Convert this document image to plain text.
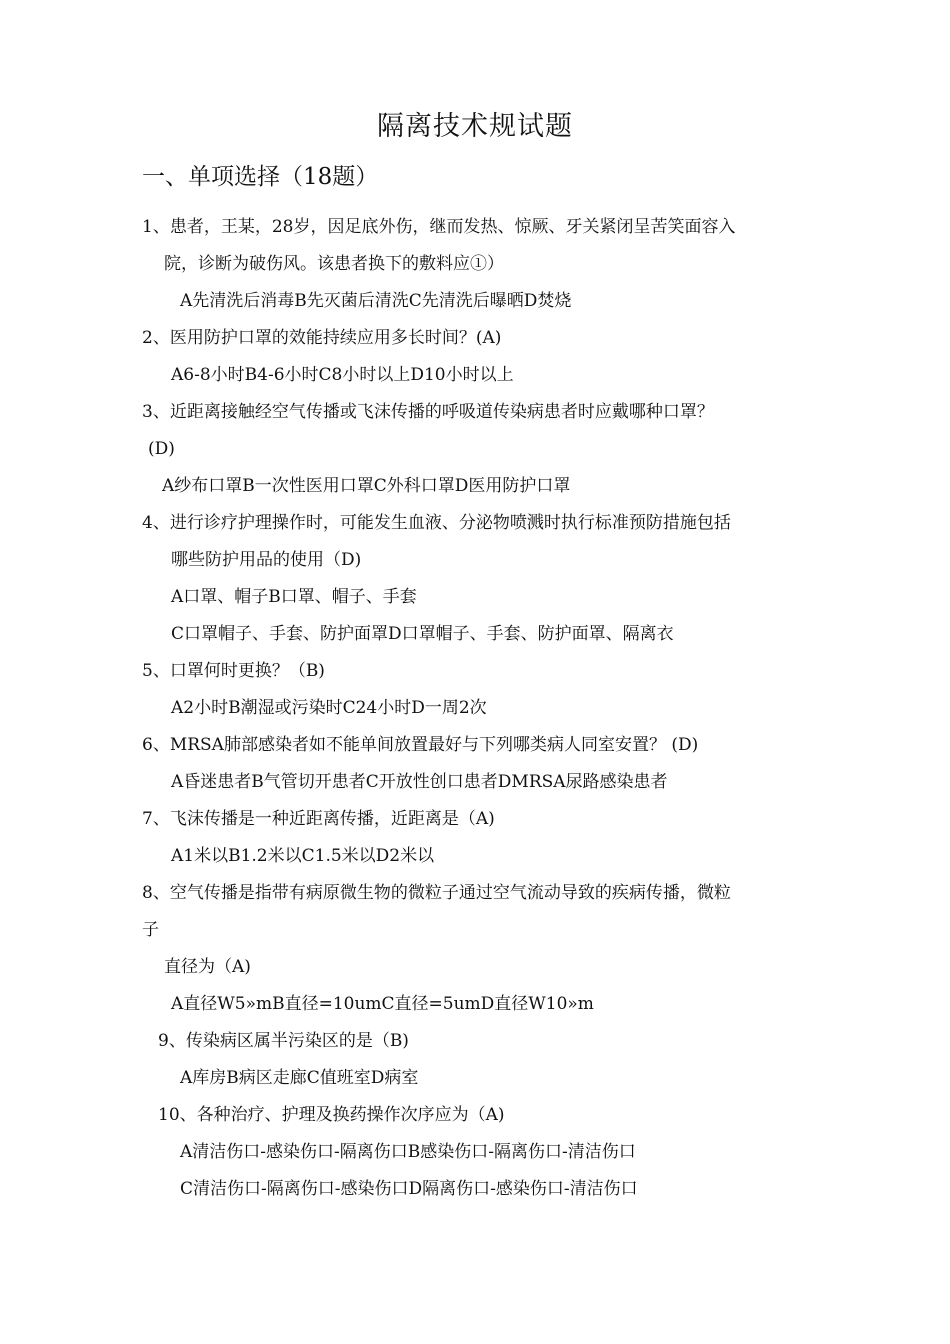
隔离技术规试题
一、单项选择（18题）
1、患者，王某，28岁，因足底外伤，继而发热、惊厥、牙关紧闭呈苦笑面容入
院，诊断为破伤风。该患者换下的敷料应①）
A先清洗后消毒B先灭菌后清洗C先清洗后曝晒D焚烧
2、医用防护口罩的效能持续应用多长时间？(A)
A6-8小时B4-6小时C8小时以上D10小时以上
3、近距离接触经空气传播或飞沫传播的呼吸道传染病患者时应戴哪种口罩？
(D)
A纱布口罩B一次性医用口罩C外科口罩D医用防护口罩
4、进行诊疗护理操作时，可能发生血液、分泌物喷溅时执行标准预防措施包括
哪些防护用品的使用（D)
A口罩、帽子B口罩、帽子、手套
C口罩帽子、手套、防护面罩D口罩帽子、手套、防护面罩、隔离衣
5、口罩何时更换？（B)
A2小时B潮湿或污染时C24小时D一周2次
6、MRSA肺部感染者如不能单间放置最好与下列哪类病人同室安置？ (D)
A昏迷患者B气管切开患者C开放性创口患者DMRSA尿路感染患者
7、飞沫传播是一种近距离传播，近距离是（A)
A1米以B1.2米以C1.5米以D2米以
8、空气传播是指带有病原微生物的微粒子通过空气流动导致的疾病传播，微粒
子
直径为（A)
A直径W5»mB直径=10umC直径=5umD直径W10»m
9、传染病区属半污染区的是（B)
A库房B病区走廊C值班室D病室
10、各种治疗、护理及换药操作次序应为（A)
A清洁伤口-感染伤口-隔离伤口B感染伤口-隔离伤口-清洁伤口
C清洁伤口-隔离伤口-感染伤口D隔离伤口-感染伤口-清洁伤口
